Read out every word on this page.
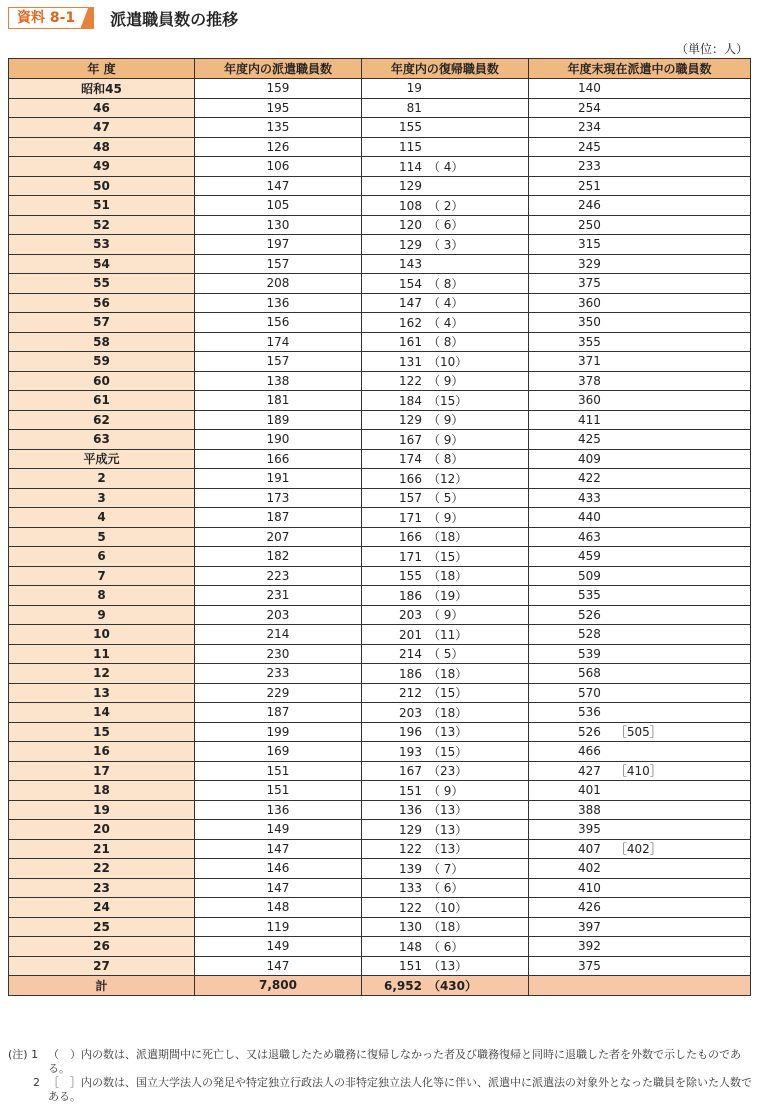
資料 8-1	派遣職員数の推移
（単位：人）
年 度	年度内の派遣職員数	年度内の復帰職員数	年度末現在派遣中の職員数
昭和45	159	19	140
46	195	81	254
47	135	155	234
48	126	115	245
49	106	114 （ 4）	233
50	147	129	251
51	105	108 （ 2）	246
52	130	120 （ 6）	250
53	197	129 （ 3）	315
54	157	143	329
55	208	154 （ 8）	375
56	136	147 （ 4）	360
57	156	162 （ 4）	350
58	174	161 （ 8）	355
59	157	131 （10）	371
60	138	122 （ 9）	378
61	181	184 （15）	360
62	189	129 （ 9）	411
63	190	167 （ 9）	425
平成元	166	174 （ 8）	409
2	191	166 （12）	422
3	173	157 （ 5）	433
4	187	171 （ 9）	440
5	207	166 （18）	463
6	182	171 （15）	459
7	223	155 （18）	509
8	231	186 （19）	535
9	203	203 （ 9）	526
10	214	201 （11）	528
11	230	214 （ 5）	539
12	233	186 （18）	568
13	229	212 （15）	570
14	187	203 （18）	536
15	199	196 （13）	526 ［505］
16	169	193 （15）	466
17	151	167 （23）	427 ［410］
18	151	151 （ 9）	401
19	136	136 （13）	388
20	149	129 （13）	395
21	147	122 （13）	407 ［402］
22	146	139 （ 7）	402
23	147	133 （ 6）	410
24	148	122 （10）	426
25	119	130 （18）	397
26	149	148 （ 6）	392
27	147	151 （13）	375
計	7,800	6,952 （430）	
(注) 1 （　）内の数は、派遣期間中に死亡し、又は退職したため職務に復帰しなかった者及び職務復帰と同時に退職した者を外数で示したものである。
2 ［　］内の数は、国立大学法人の発足や特定独立行政法人の非特定独立法人化等に伴い、派遣中に派遣法の対象外となった職員を除いた人数である。
